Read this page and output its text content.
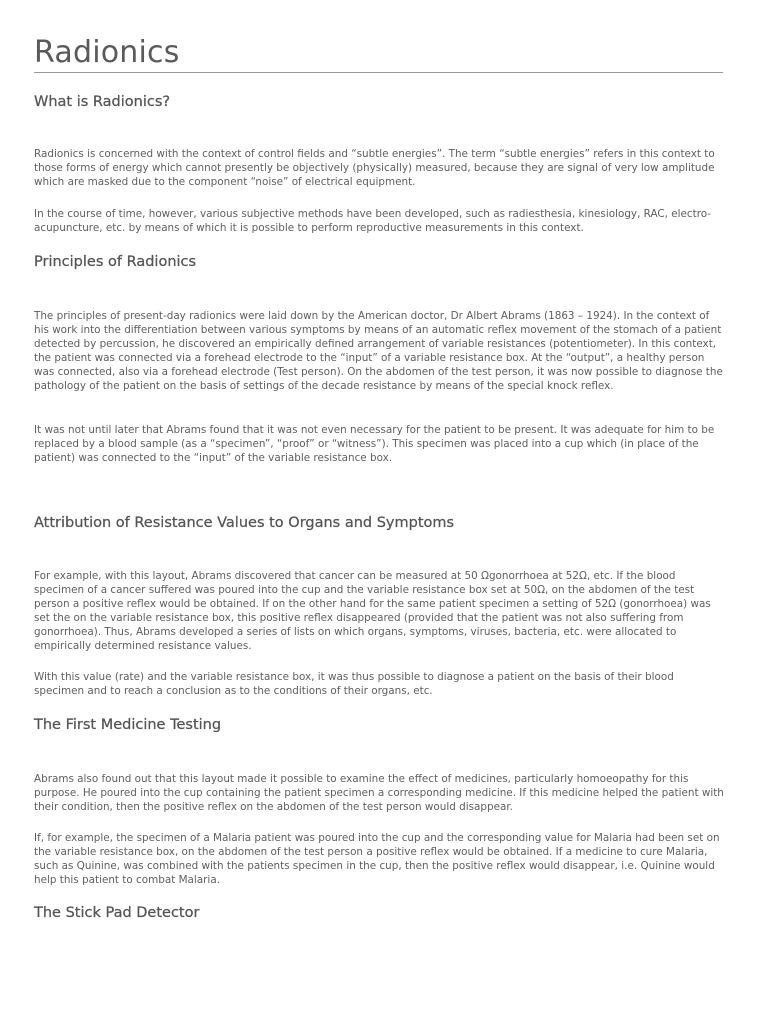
Radionics
What is Radionics?

Radionics is concerned with the context of control fields and “subtle energies”. The term “subtle energies” refers in this context to those forms of energy which cannot presently be objectively (physically) measured, because they are signal of very low amplitude which are masked due to the component “noise” of electrical equipment.

In the course of time, however, various subjective methods have been developed, such as radiesthesia, kinesiology, RAC, electro-acupuncture, etc. by means of which it is possible to perform reproductive measurements in this context.

Principles of Radionics

The principles of present-day radionics were laid down by the American doctor, Dr Albert Abrams (1863 – 1924). In the context of his work into the differentiation between various symptoms by means of an automatic reflex movement of the stomach of a patient detected by percussion, he discovered an empirically defined arrangement of variable resistances (potentiometer). In this context, the patient was connected via a forehead electrode to the “input” of a variable resistance box. At the “output”, a healthy person was connected, also via a forehead electrode (Test person). On the abdomen of the test person, it was now possible to diagnose the pathology of the patient on the basis of settings of the decade resistance by means of the special knock reflex.

It was not until later that Abrams found that it was not even necessary for the patient to be present. It was adequate for him to be replaced by a blood sample (as a “specimen”, “proof” or “witness”). This specimen was placed into a cup which (in place of the patient) was connected to the “input” of the variable resistance box.

Attribution of Resistance Values to Organs and Symptoms

For example, with this layout, Abrams discovered that cancer can be measured at 50 Ωgonorrhoea at 52Ω, etc. If the blood specimen of a cancer suffered was poured into the cup and the variable resistance box set at 50Ω, on the abdomen of the test person a positive reflex would be obtained. If on the other hand for the same patient specimen a setting of 52Ω (gonorrhoea) was set the on the variable resistance box, this positive reflex disappeared (provided that the patient was not also suffering from gonorrhoea). Thus, Abrams developed a series of lists on which organs, symptoms, viruses, bacteria, etc. were allocated to empirically determined resistance values.

With this value (rate) and the variable resistance box, it was thus possible to diagnose a patient on the basis of their blood specimen and to reach a conclusion as to the conditions of their organs, etc.

The First Medicine Testing

Abrams also found out that this layout made it possible to examine the effect of medicines, particularly homoeopathy for this purpose. He poured into the cup containing the patient specimen a corresponding medicine. If this medicine helped the patient with their condition, then the positive reflex on the abdomen of the test person would disappear.

If, for example, the specimen of a Malaria patient was poured into the cup and the corresponding value for Malaria had been set on the variable resistance box, on the abdomen of the test person a positive reflex would be obtained. If a medicine to cure Malaria, such as Quinine, was combined with the patients specimen in the cup, then the positive reflex would disappear, i.e. Quinine would help this patient to combat Malaria.

The Stick Pad Detector
